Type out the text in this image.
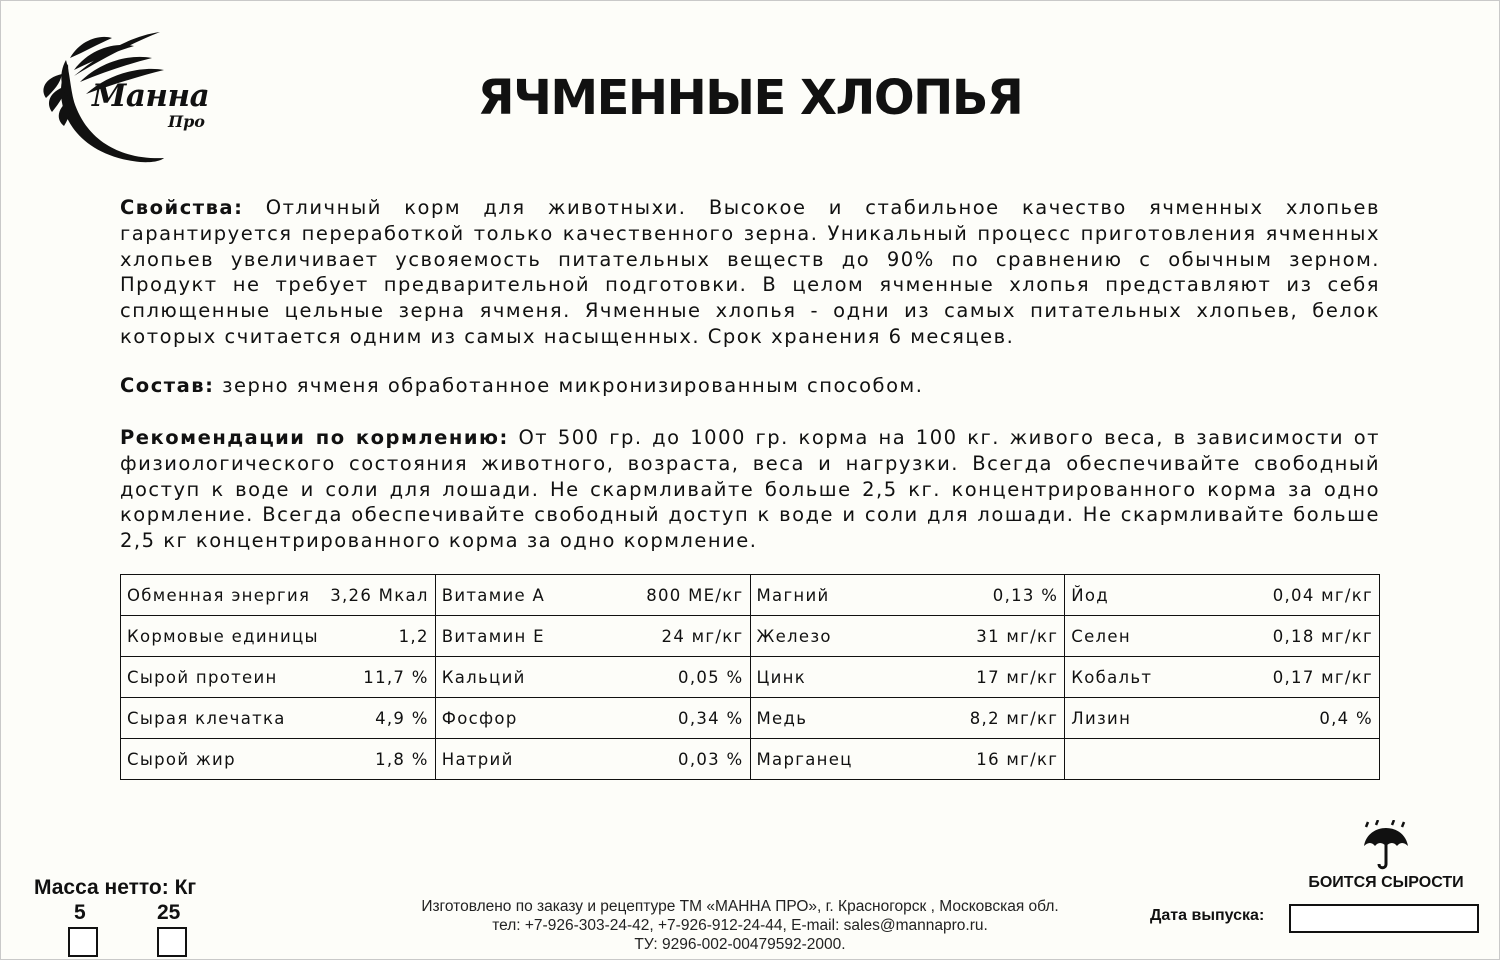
Манна
Про	ЯЧМЕННЫЕ ХЛОПЬЯ

Свойства: Отличный корм для животныхи. Высокое и стабильное качество ячменных хлопьев гарантируется переработкой только качественного зерна. Уникальный процесс приготовления ячменных хлопьев увеличивает усвояемость питательных веществ до 90% по сравнению с обычным зерном. Продукт не требует предварительной подготовки. В целом ячменные хлопья представляют из себя сплющенные цельные зерна ячменя. Ячменные хлопья - одни из самых питательных хлопьев, белок которых считается одним из самых насыщенных. Срок хранения 6 месяцев.

Состав: зерно ячменя обработанное микронизированным способом.

Рекомендации по кормлению: От 500 гр. до 1000 гр. корма на 100 кг. живого веса, в зависимости от физиологического состояния животного, возраста, веса и нагрузки. Всегда обеспечивайте свободный доступ к воде и соли для лошади. Не скармливайте больше 2,5 кг. концентрированного корма за одно кормление. Всегда обеспечивайте свободный доступ к воде и соли для лошади. Не скармливайте больше 2,5 кг концентрированного корма за одно кормление.

Обменная энергия 3,26 Мкал	Витамие А 800 МЕ/кг	Магний 0,13 %	Йод 0,04 мг/кг

Кормовые единицы 1,2	Витамин Е 24 мг/кг	Железо 31 мг/кг	Селен 0,18 мг/кг

Сырой протеин 11,7 %	Кальций 0,05 %	Цинк 17 мг/кг	Кобальт 0,17 мг/кг

Сырая клечатка 4,9 %	Фосфор 0,34 %	Медь 8,2 мг/кг	Лизин 0,4 %

Сырой жир 1,8 %	Натрий 0,03 %	Марганец 16 мг/кг	

Масса нетто: Кг
5	25	Изготовлено по заказу и рецептуре ТМ «МАННА ПРО», г. Красногорск , Московская обл.
тел: +7-926-303-24-42, +7-926-912-24-44, E-mail: sales@mannapro.ru.
ТУ: 9296-002-00479592-2000.
БОИТСЯ СЫРОСТИ
Дата выпуска:
